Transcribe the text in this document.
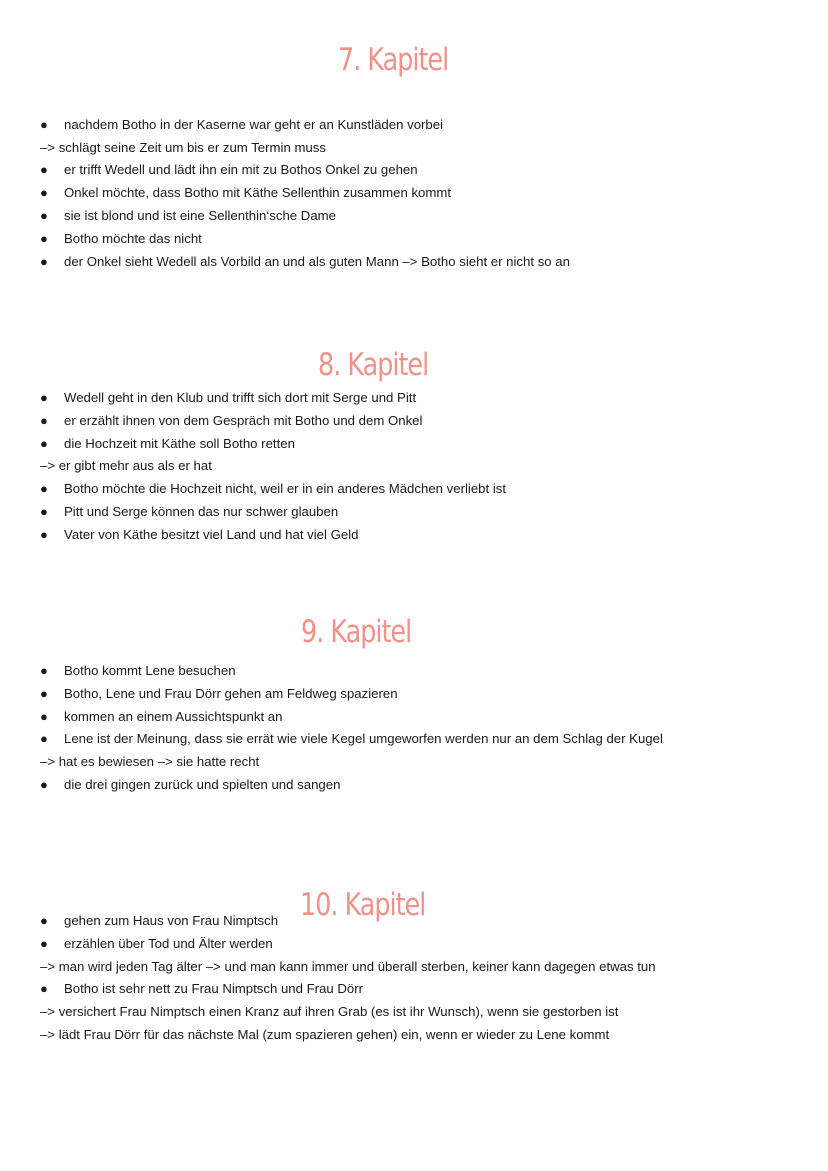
7. Kapitel
● nachdem Botho in der Kaserne war geht er an Kunstläden vorbei
–> schlägt seine Zeit um bis er zum Termin muss
● er trifft Wedell und lädt ihn ein mit zu Bothos Onkel zu gehen
● Onkel möchte, dass Botho mit Käthe Sellenthin zusammen kommt
● sie ist blond und ist eine Sellenthin‘sche Dame
● Botho möchte das nicht
● der Onkel sieht Wedell als Vorbild an und als guten Mann –> Botho sieht er nicht so an
8. Kapitel
● Wedell geht in den Klub und trifft sich dort mit Serge und Pitt
● er erzählt ihnen von dem Gespräch mit Botho und dem Onkel
● die Hochzeit mit Käthe soll Botho retten
–> er gibt mehr aus als er hat
● Botho möchte die Hochzeit nicht, weil er in ein anderes Mädchen verliebt ist
● Pitt und Serge können das nur schwer glauben
● Vater von Käthe besitzt viel Land und hat viel Geld
9. Kapitel
● Botho kommt Lene besuchen
● Botho, Lene und Frau Dörr gehen am Feldweg spazieren
● kommen an einem Aussichtspunkt an
● Lene ist der Meinung, dass sie errät wie viele Kegel umgeworfen werden nur an dem Schlag der Kugel
–> hat es bewiesen –> sie hatte recht
● die drei gingen zurück und spielten und sangen
10. Kapitel
● gehen zum Haus von Frau Nimptsch
● erzählen über Tod und Älter werden
–> man wird jeden Tag älter –> und man kann immer und überall sterben, keiner kann dagegen etwas tun
● Botho ist sehr nett zu Frau Nimptsch und Frau Dörr
–> versichert Frau Nimptsch einen Kranz auf ihren Grab (es ist ihr Wunsch), wenn sie gestorben ist
–> lädt Frau Dörr für das nächste Mal (zum spazieren gehen) ein, wenn er wieder zu Lene kommt
